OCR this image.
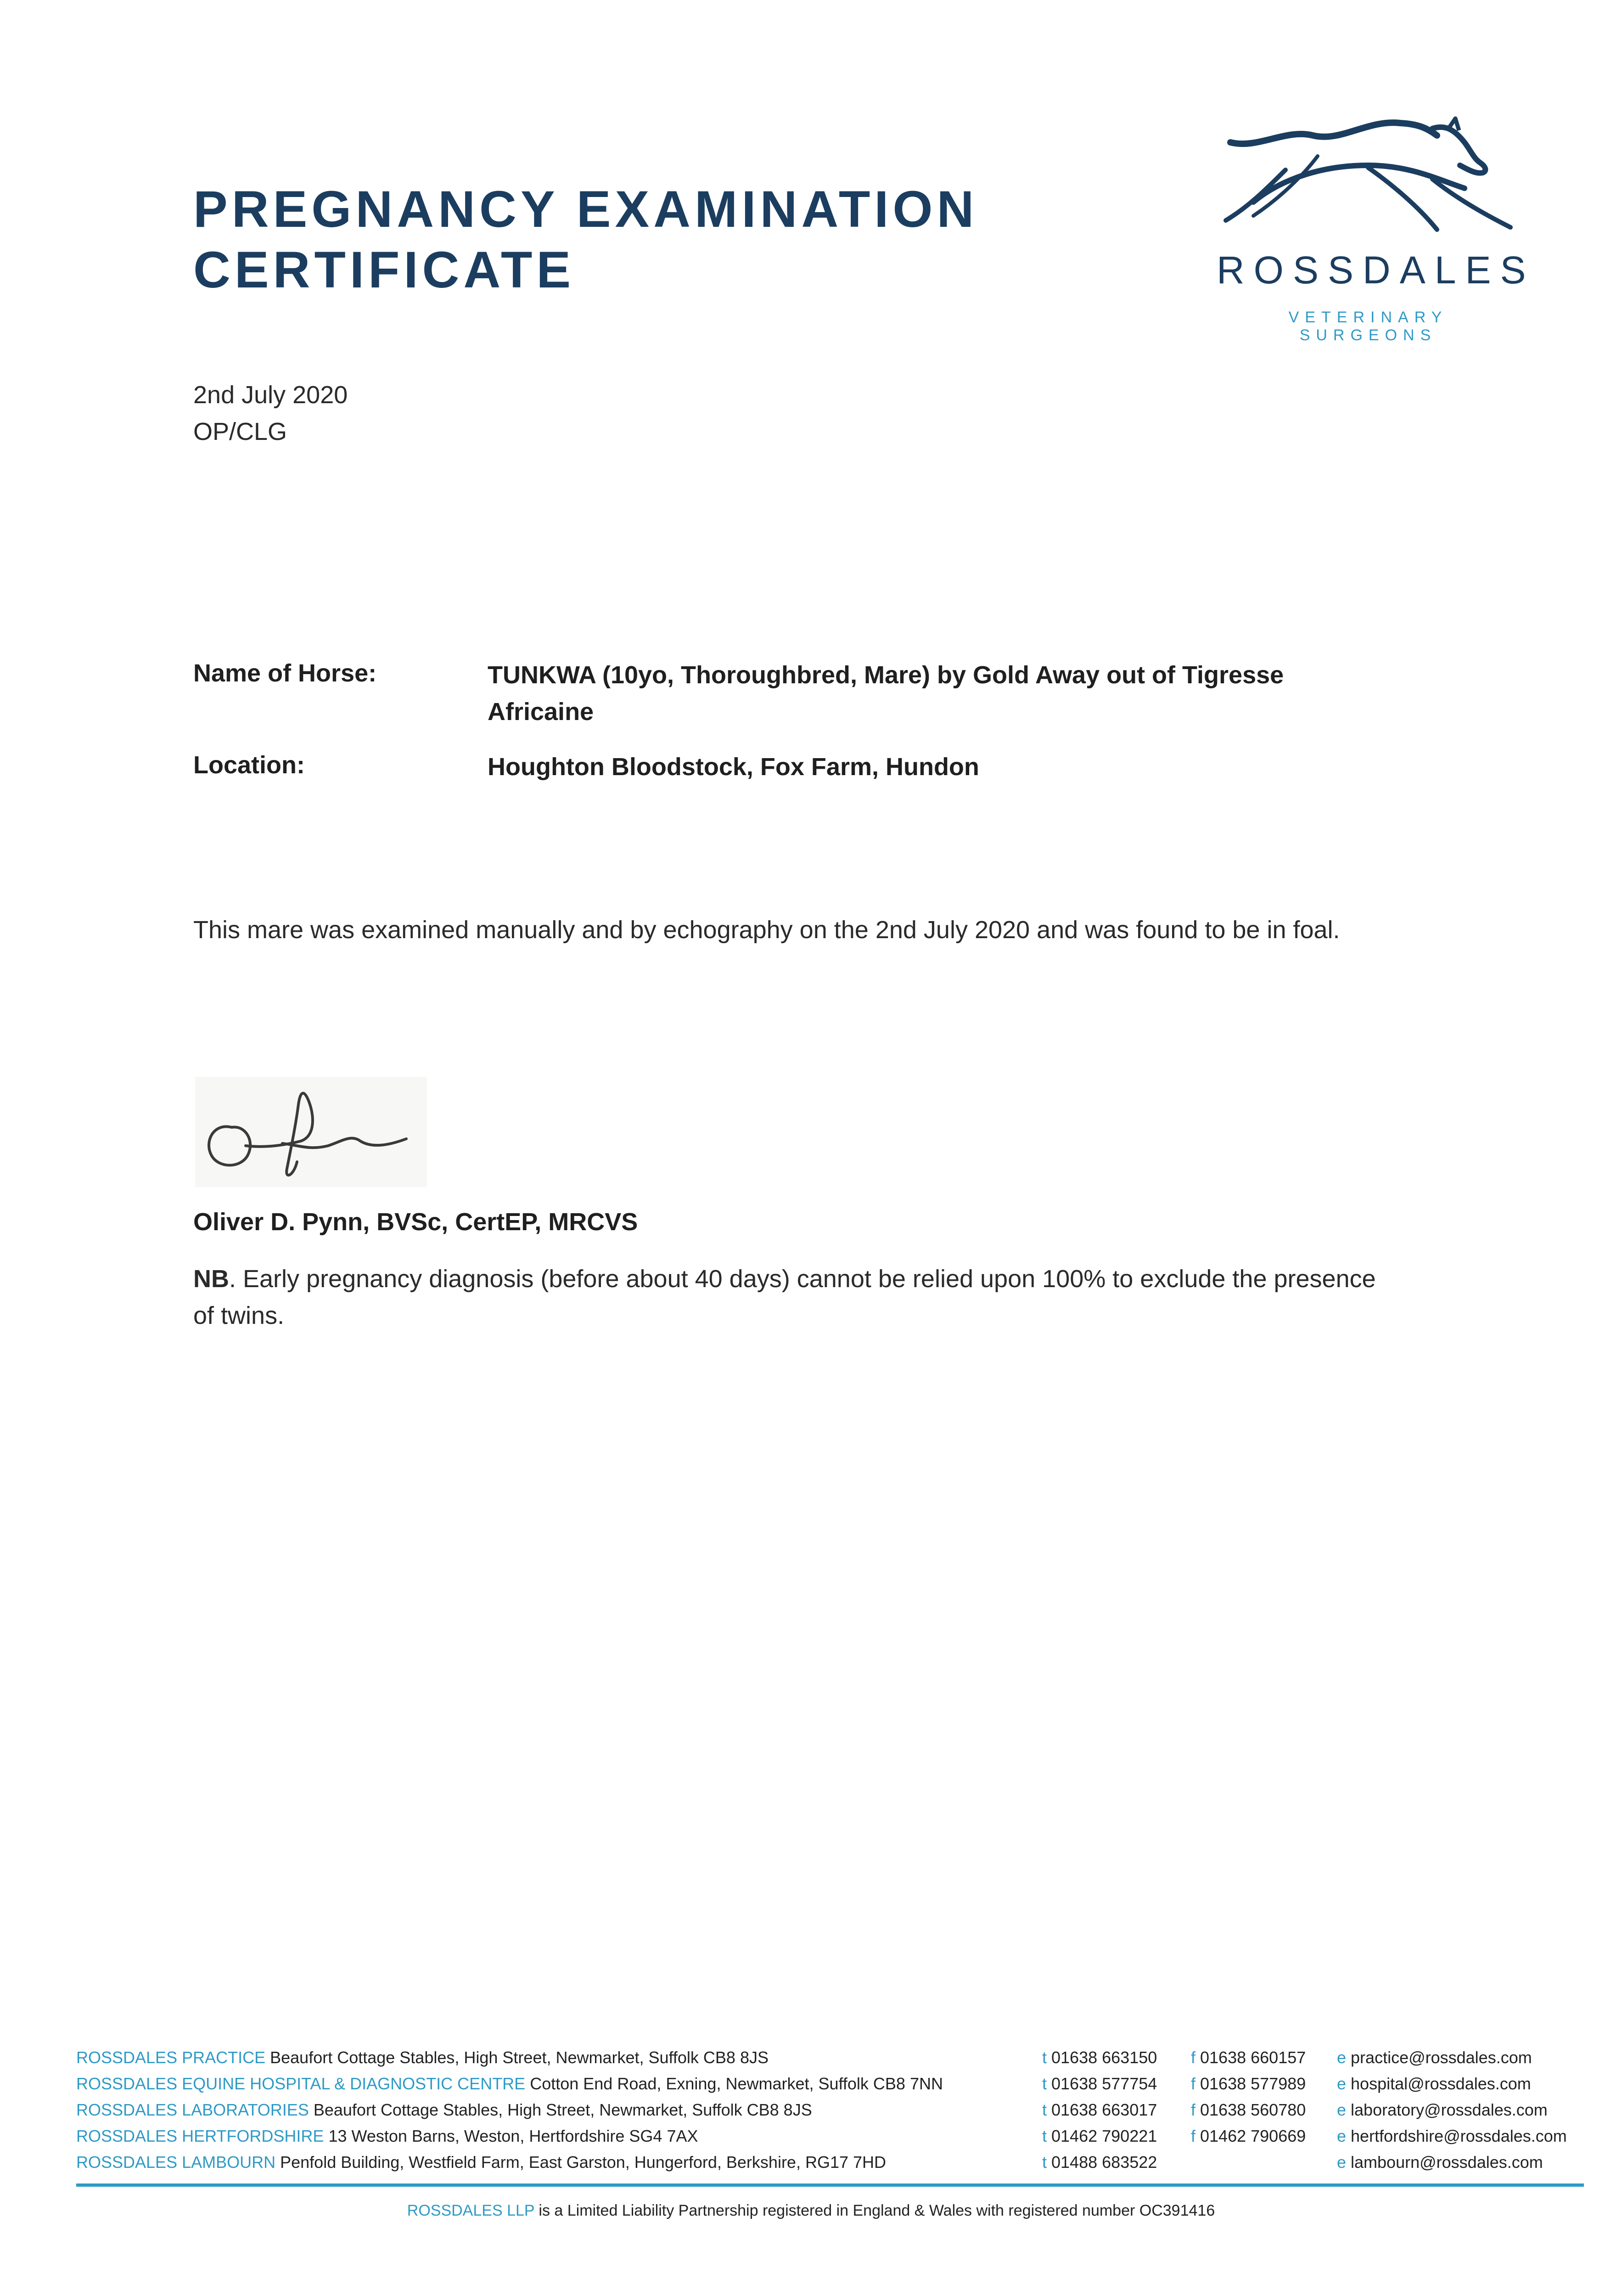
PREGNANCY EXAMINATION
CERTIFICATE	ROSSDALES
VETERINARY SURGEONS
2nd July 2020
OP/CLG
Name of Horse:	TUNKWA (10yo, Thoroughbred, Mare) by Gold Away out of Tigresse Africaine
Location:	Houghton Bloodstock, Fox Farm, Hundon
This mare was examined manually and by echography on the 2nd July 2020 and was found to be in foal.
Oliver D. Pynn, BVSc, CertEP, MRCVS
NB. Early pregnancy diagnosis (before about 40 days) cannot be relied upon 100% to exclude the presence of twins.
ROSSDALES PRACTICE Beaufort Cottage Stables, High Street, Newmarket, Suffolk CB8 8JS	t 01638 663150 f 01638 660157 e practice@rossdales.com
ROSSDALES EQUINE HOSPITAL & DIAGNOSTIC CENTRE Cotton End Road, Exning, Newmarket, Suffolk CB8 7NN	t 01638 577754 f 01638 577989 e hospital@rossdales.com
ROSSDALES LABORATORIES Beaufort Cottage Stables, High Street, Newmarket, Suffolk CB8 8JS	t 01638 663017 f 01638 560780 e laboratory@rossdales.com
ROSSDALES HERTFORDSHIRE 13 Weston Barns, Weston, Hertfordshire SG4 7AX	t 01462 790221 f 01462 790669 e hertfordshire@rossdales.com
ROSSDALES LAMBOURN Penfold Building, Westfield Farm, East Garston, Hungerford, Berkshire, RG17 7HD	t 01488 683522	e lambourn@rossdales.com
ROSSDALES LLP is a Limited Liability Partnership registered in England & Wales with registered number OC391416
